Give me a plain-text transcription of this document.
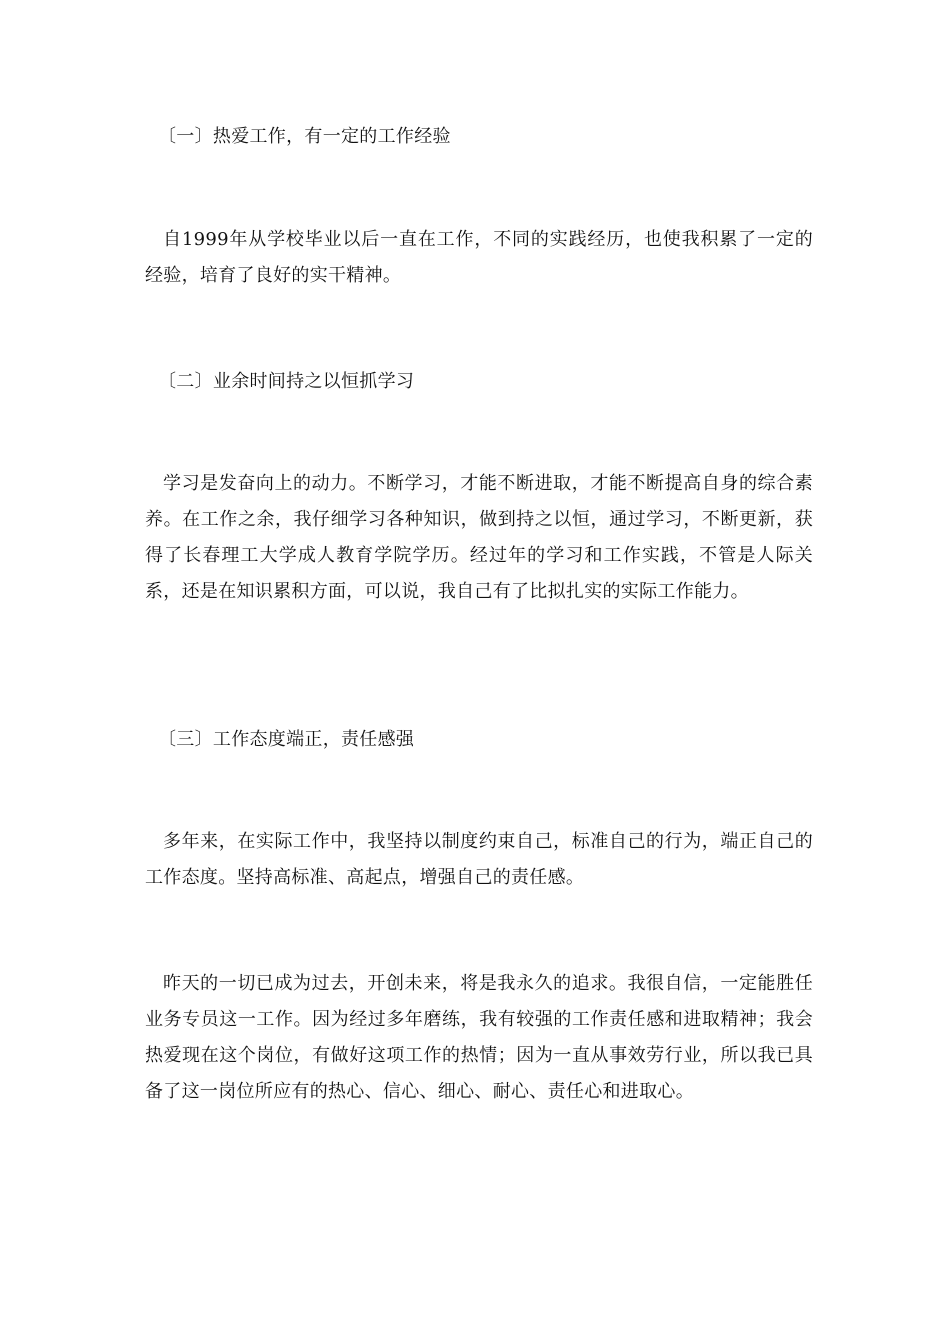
〔一〕热爱工作，有一定的工作经验

自1999年从学校毕业以后一直在工作，不同的实践经历，也使我积累了一定的经验，培育了良好的实干精神。

〔二〕业余时间持之以恒抓学习

学习是发奋向上的动力。不断学习，才能不断进取，才能不断提高自身的综合素养。在工作之余，我仔细学习各种知识，做到持之以恒，通过学习，不断更新，获得了长春理工大学成人教育学院学历。经过年的学习和工作实践，不管是人际关系，还是在知识累积方面，可以说，我自己有了比拟扎实的实际工作能力。

〔三〕工作态度端正，责任感强

多年来，在实际工作中，我坚持以制度约束自己，标准自己的行为，端正自己的工作态度。坚持高标准、高起点，增强自己的责任感。

昨天的一切已成为过去，开创未来，将是我永久的追求。我很自信，一定能胜任业务专员这一工作。因为经过多年磨练，我有较强的工作责任感和进取精神；我会热爱现在这个岗位，有做好这项工作的热情；因为一直从事效劳行业，所以我已具备了这一岗位所应有的热心、信心、细心、耐心、责任心和进取心。
